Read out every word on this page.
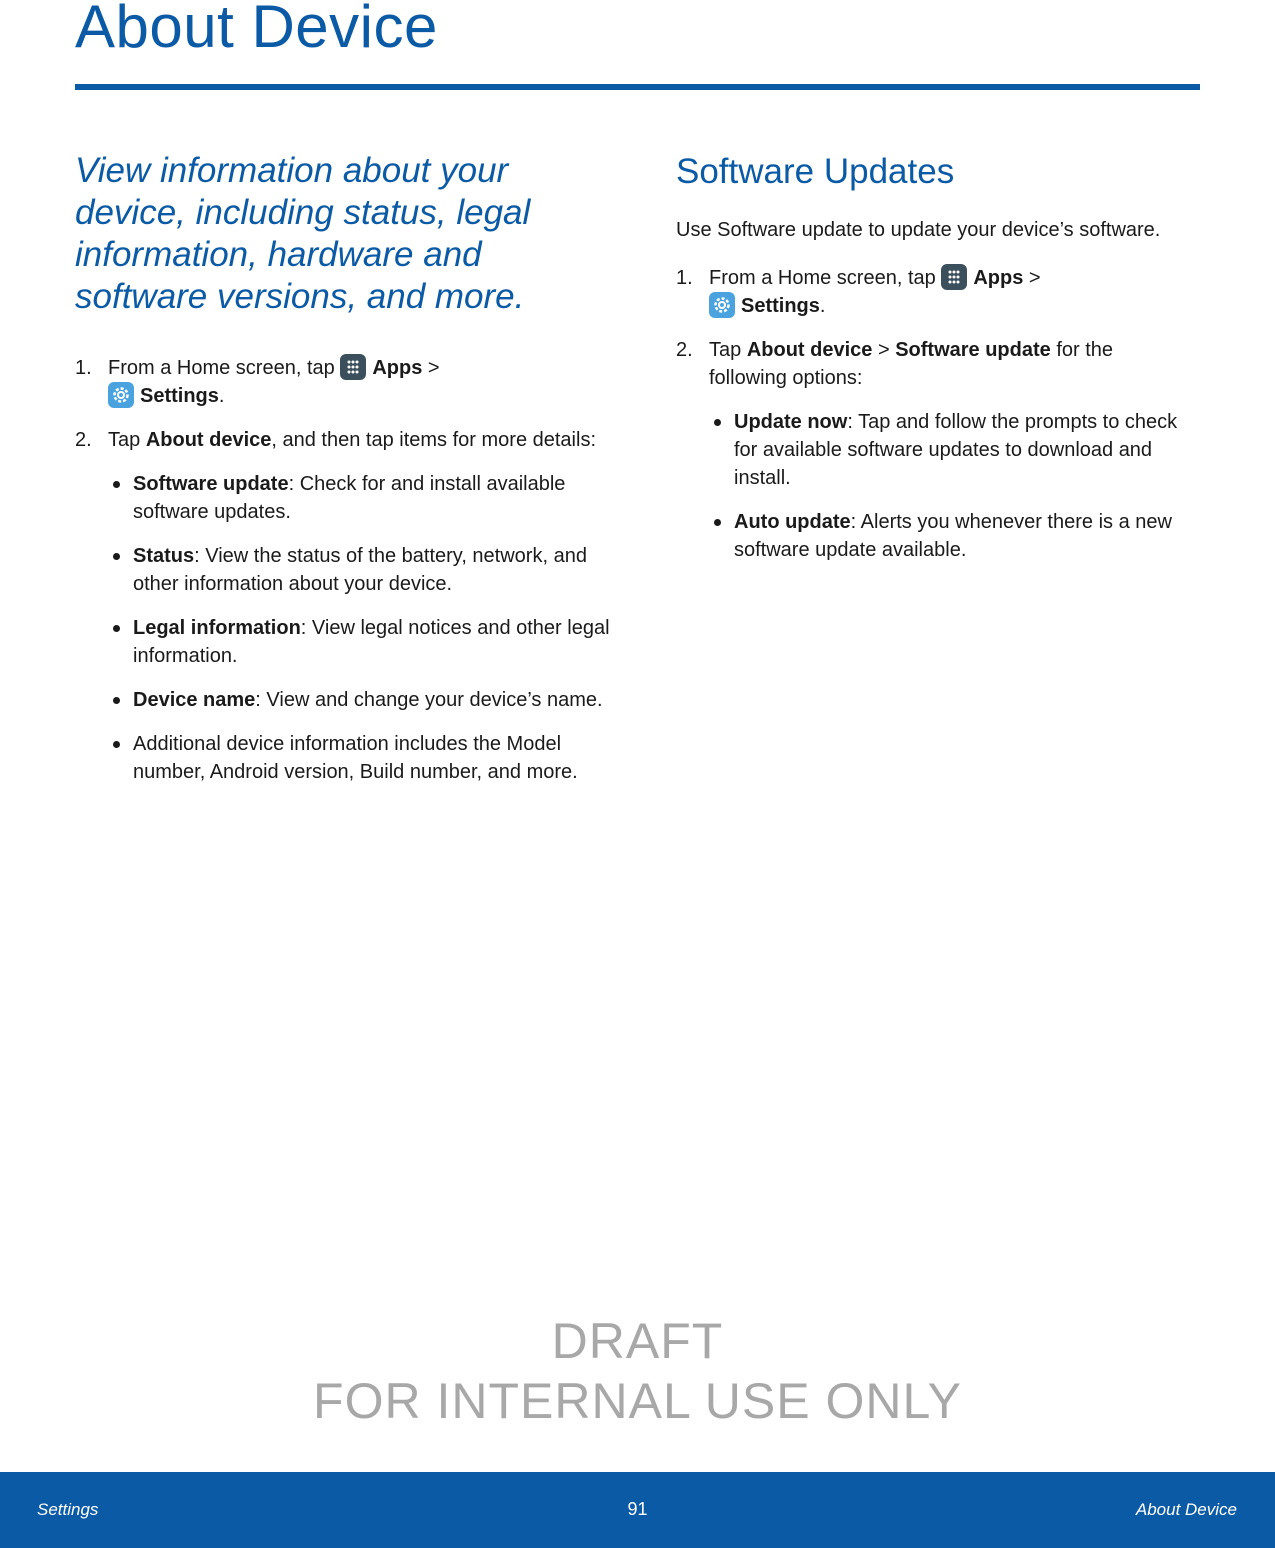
About Device

View information about your device, including status, legal information, hardware and software versions, and more.

1. From a Home screen, tap Apps >

Settings.
2. Tap About device, and then tap items for more details:
Software update: Check for and install available software updates.
Status: View the status of the battery, network, and other information about your device.
Legal information: View legal notices and other legal information.
Device name: View and change your device’s name.
Additional device information includes the Model number, Android version, Build number, and more.
Software Updates

Use Software update to update your device’s software.

1. From a Home screen, tap Apps >

Settings.
2. Tap About device > Software update for the following options:
Update now: Tap and follow the prompts to check for available software updates to download and install.
Auto update: Alerts you whenever there is a new software update available.
DRAFT
FOR INTERNAL USE ONLY
Settings	91	About Device
